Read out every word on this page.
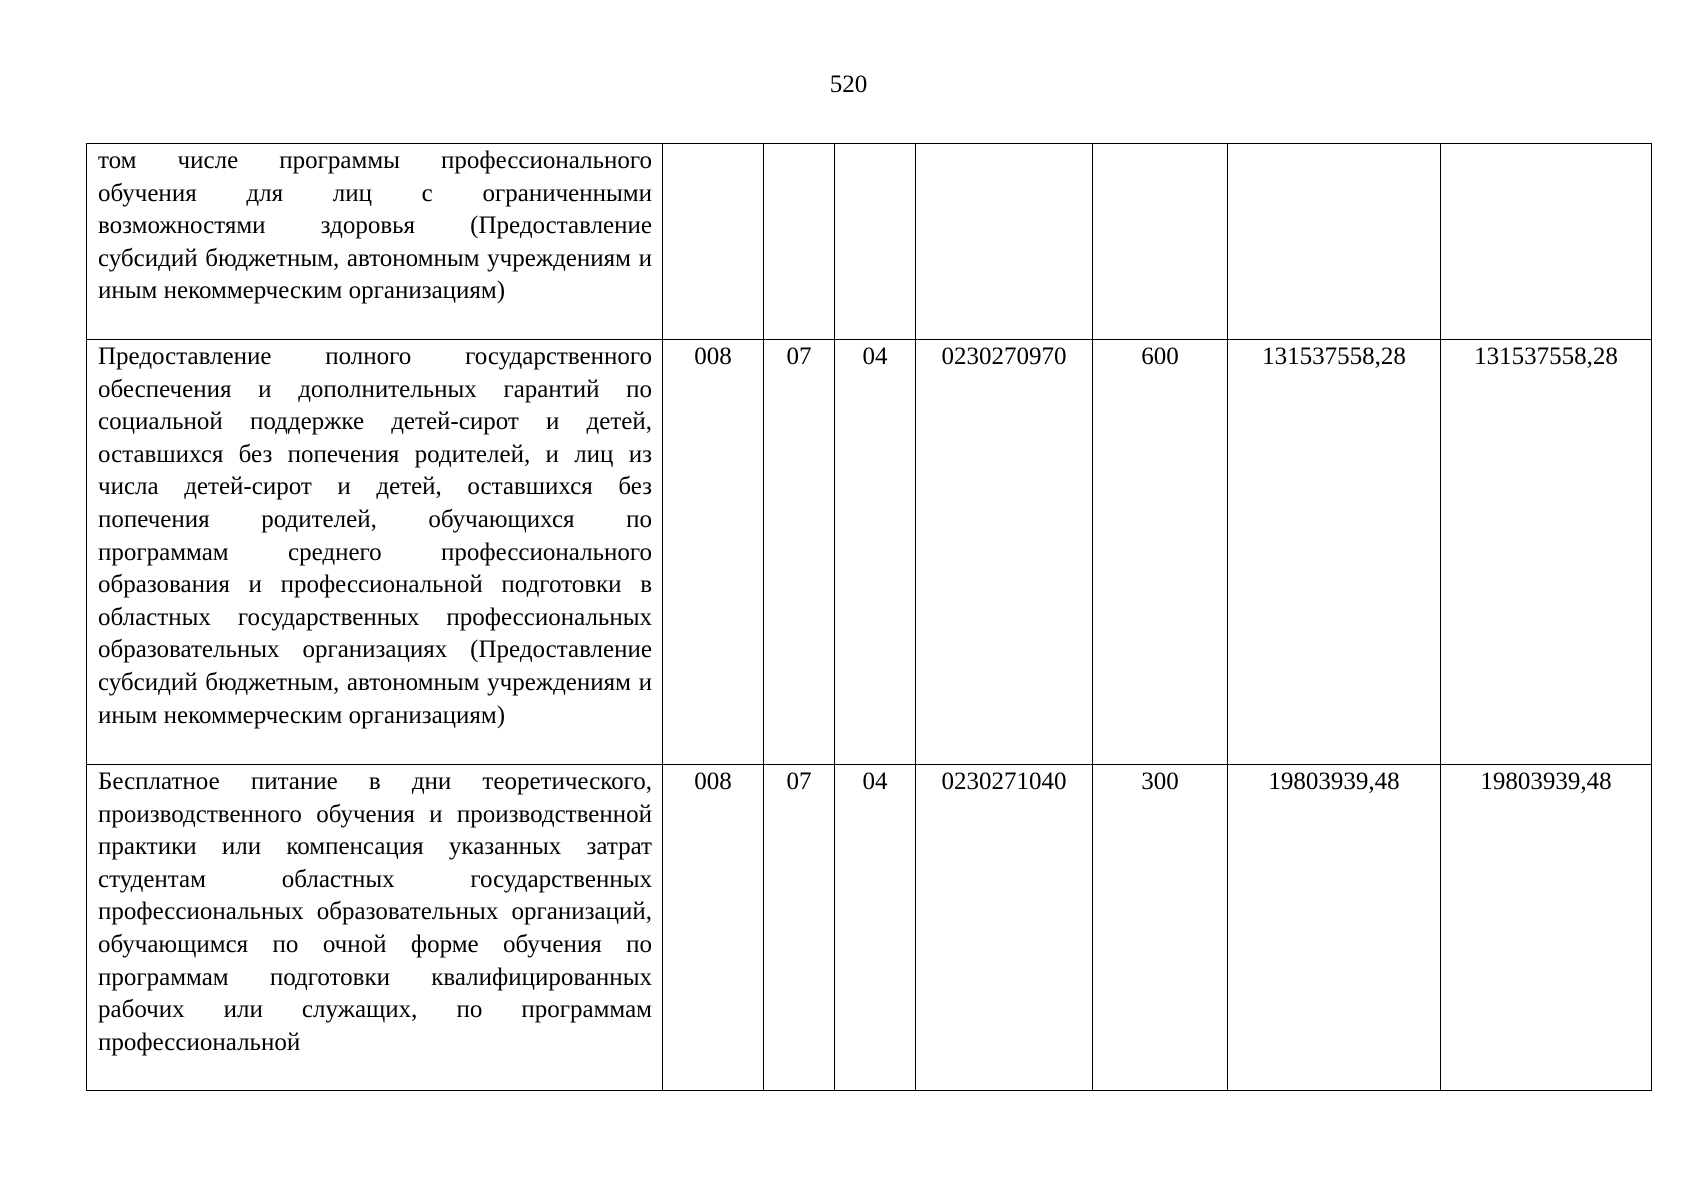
520
том числе программы профессионального обучения для лиц с ограниченными возможностями здоровья (Предоставление субсидий бюджетным, автономным учреждениям и иным некоммерческим организациям)							

Предоставление полного государственного обеспечения и дополнительных гарантий по социальной поддержке детей-сирот и детей, оставшихся без попечения родителей, и лиц из числа детей-сирот и детей, оставшихся без попечения родителей, обучающихся по программам среднего профессионального образования и профессиональной подготовки в областных государственных профессиональных образовательных организациях (Предоставление субсидий бюджетным, автономным учреждениям и иным некоммерческим организациям)	008	07	04	0230270970	600	131537558,28	131537558,28

Бесплатное питание в дни теоретического, производственного обучения и производственной практики или компенсация указанных затрат студентам областных государственных профессиональных образовательных организаций, обучающимся по очной форме обучения по программам подготовки квалифицированных рабочих или служащих, по программам профессиональной	008	07	04	0230271040	300	19803939,48	19803939,48
